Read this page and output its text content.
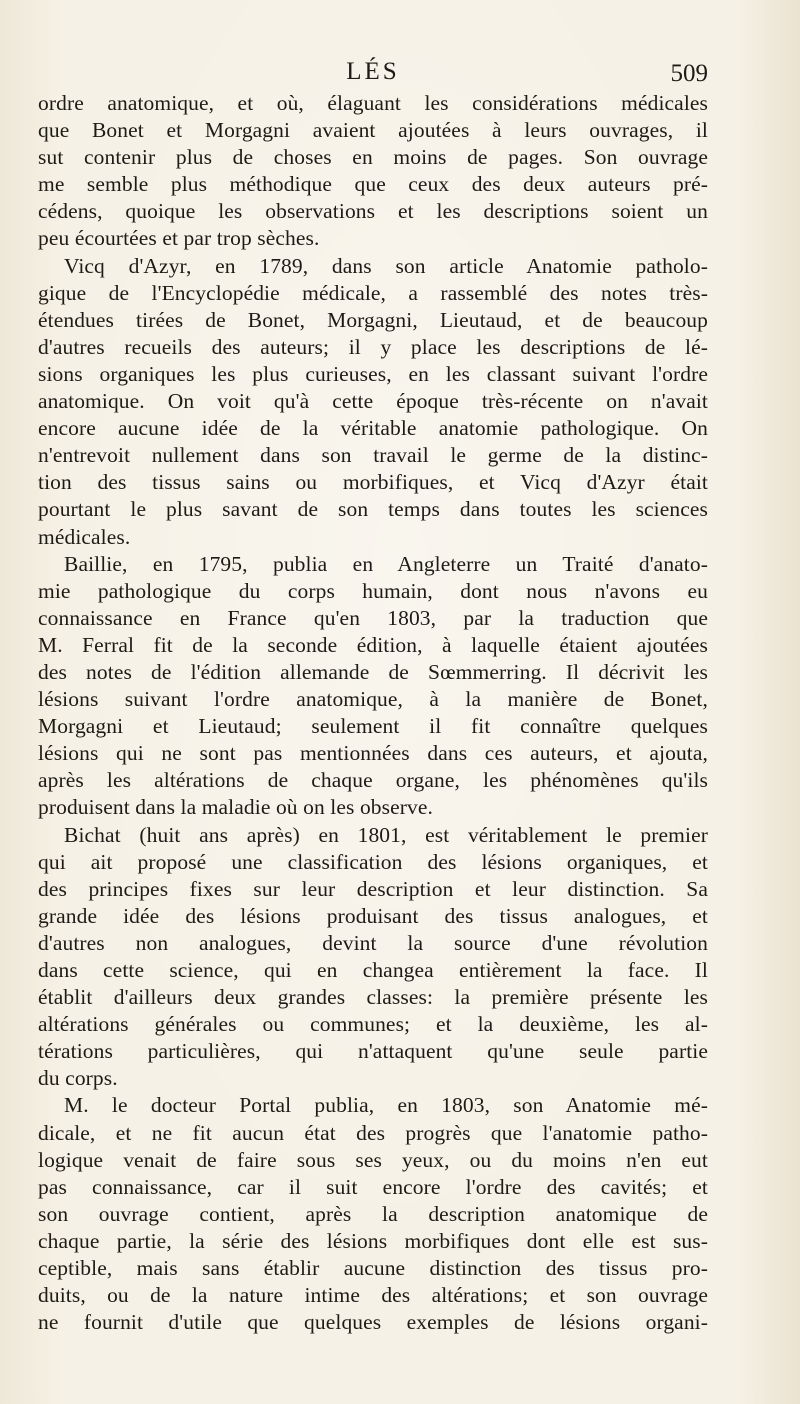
LÉS	509
ordre anatomique, et où, élaguant les considérations médicales
que Bonet et Morgagni avaient ajoutées à leurs ouvrages, il
sut contenir plus de choses en moins de pages. Son ouvrage
me semble plus méthodique que ceux des deux auteurs pré-
cédens, quoique les observations et les descriptions soient un
peu écourtées et par trop sèches.
Vicq d'Azyr, en 1789, dans son article Anatomie patholo-
gique de l'Encyclopédie médicale, a rassemblé des notes très-
étendues tirées de Bonet, Morgagni, Lieutaud, et de beaucoup
d'autres recueils des auteurs; il y place les descriptions de lé-
sions organiques les plus curieuses, en les classant suivant l'ordre
anatomique. On voit qu'à cette époque très-récente on n'avait
encore aucune idée de la véritable anatomie pathologique. On
n'entrevoit nullement dans son travail le germe de la distinc-
tion des tissus sains ou morbifiques, et Vicq d'Azyr était
pourtant le plus savant de son temps dans toutes les sciences
médicales.
Baillie, en 1795, publia en Angleterre un Traité d'anato-
mie pathologique du corps humain, dont nous n'avons eu
connaissance en France qu'en 1803, par la traduction que
M. Ferral fit de la seconde édition, à laquelle étaient ajoutées
des notes de l'édition allemande de Sœmmerring. Il décrivit les
lésions suivant l'ordre anatomique, à la manière de Bonet,
Morgagni et Lieutaud; seulement il fit connaître quelques
lésions qui ne sont pas mentionnées dans ces auteurs, et ajouta,
après les altérations de chaque organe, les phénomènes qu'ils
produisent dans la maladie où on les observe.
Bichat (huit ans après) en 1801, est véritablement le premier
qui ait proposé une classification des lésions organiques, et
des principes fixes sur leur description et leur distinction. Sa
grande idée des lésions produisant des tissus analogues, et
d'autres non analogues, devint la source d'une révolution
dans cette science, qui en changea entièrement la face. Il
établit d'ailleurs deux grandes classes: la première présente les
altérations générales ou communes; et la deuxième, les al-
térations particulières, qui n'attaquent qu'une seule partie
du corps.
M. le docteur Portal publia, en 1803, son Anatomie mé-
dicale, et ne fit aucun état des progrès que l'anatomie patho-
logique venait de faire sous ses yeux, ou du moins n'en eut
pas connaissance, car il suit encore l'ordre des cavités; et
son ouvrage contient, après la description anatomique de
chaque partie, la série des lésions morbifiques dont elle est sus-
ceptible, mais sans établir aucune distinction des tissus pro-
duits, ou de la nature intime des altérations; et son ouvrage
ne fournit d'utile que quelques exemples de lésions organi-
